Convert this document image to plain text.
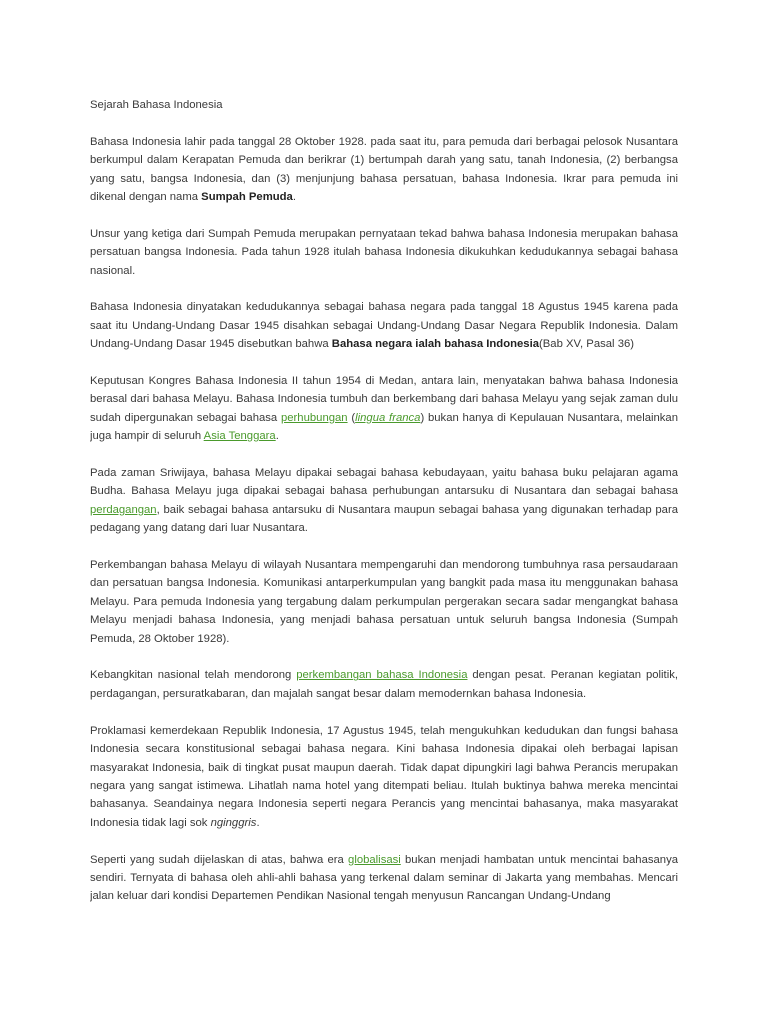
Sejarah Bahasa Indonesia

Bahasa Indonesia lahir pada tanggal 28 Oktober 1928. pada saat itu, para pemuda dari berbagai pelosok Nusantara berkumpul dalam Kerapatan Pemuda dan berikrar (1) bertumpah darah yang satu, tanah Indonesia, (2) berbangsa yang satu, bangsa Indonesia, dan (3) menjunjung bahasa persatuan, bahasa Indonesia. Ikrar para pemuda ini dikenal dengan nama Sumpah Pemuda.

Unsur yang ketiga dari Sumpah Pemuda merupakan pernyataan tekad bahwa bahasa Indonesia merupakan bahasa persatuan bangsa Indonesia. Pada tahun 1928 itulah bahasa Indonesia dikukuhkan kedudukannya sebagai bahasa nasional.

Bahasa Indonesia dinyatakan kedudukannya sebagai bahasa negara pada tanggal 18 Agustus 1945 karena pada saat itu Undang-Undang Dasar 1945 disahkan sebagai Undang-Undang Dasar Negara Republik Indonesia. Dalam Undang-Undang Dasar 1945 disebutkan bahwa Bahasa negara ialah bahasa Indonesia(Bab XV, Pasal 36)

Keputusan Kongres Bahasa Indonesia II tahun 1954 di Medan, antara lain, menyatakan bahwa bahasa Indonesia berasal dari bahasa Melayu. Bahasa Indonesia tumbuh dan berkembang dari bahasa Melayu yang sejak zaman dulu sudah dipergunakan sebagai bahasa perhubungan (lingua franca) bukan hanya di Kepulauan Nusantara, melainkan juga hampir di seluruh Asia Tenggara.

Pada zaman Sriwijaya, bahasa Melayu dipakai sebagai bahasa kebudayaan, yaitu bahasa buku pelajaran agama Budha. Bahasa Melayu juga dipakai sebagai bahasa perhubungan antarsuku di Nusantara dan sebagai bahasa perdagangan, baik sebagai bahasa antarsuku di Nusantara maupun sebagai bahasa yang digunakan terhadap para pedagang yang datang dari luar Nusantara.

Perkembangan bahasa Melayu di wilayah Nusantara mempengaruhi dan mendorong tumbuhnya rasa persaudaraan dan persatuan bangsa Indonesia. Komunikasi antarperkumpulan yang bangkit pada masa itu menggunakan bahasa Melayu. Para pemuda Indonesia yang tergabung dalam perkumpulan pergerakan secara sadar mengangkat bahasa Melayu menjadi bahasa Indonesia, yang menjadi bahasa persatuan untuk seluruh bangsa Indonesia (Sumpah Pemuda, 28 Oktober 1928).

Kebangkitan nasional telah mendorong perkembangan bahasa Indonesia dengan pesat. Peranan kegiatan politik, perdagangan, persuratkabaran, dan majalah sangat besar dalam memodernkan bahasa Indonesia.

Proklamasi kemerdekaan Republik Indonesia, 17 Agustus 1945, telah mengukuhkan kedudukan dan fungsi bahasa Indonesia secara konstitusional sebagai bahasa negara. Kini bahasa Indonesia dipakai oleh berbagai lapisan masyarakat Indonesia, baik di tingkat pusat maupun daerah. Tidak dapat dipungkiri lagi bahwa Perancis merupakan negara yang sangat istimewa. Lihatlah nama hotel yang ditempati beliau. Itulah buktinya bahwa mereka mencintai bahasanya. Seandainya negara Indonesia seperti negara Perancis yang mencintai bahasanya, maka masyarakat Indonesia tidak lagi sok nginggris.

Seperti yang sudah dijelaskan di atas, bahwa era globalisasi bukan menjadi hambatan untuk mencintai bahasanya sendiri. Ternyata di bahasa oleh ahli-ahli bahasa yang terkenal dalam seminar di Jakarta yang membahas. Mencari jalan keluar dari kondisi Departemen Pendikan Nasional tengah menyusun Rancangan Undang-Undang
